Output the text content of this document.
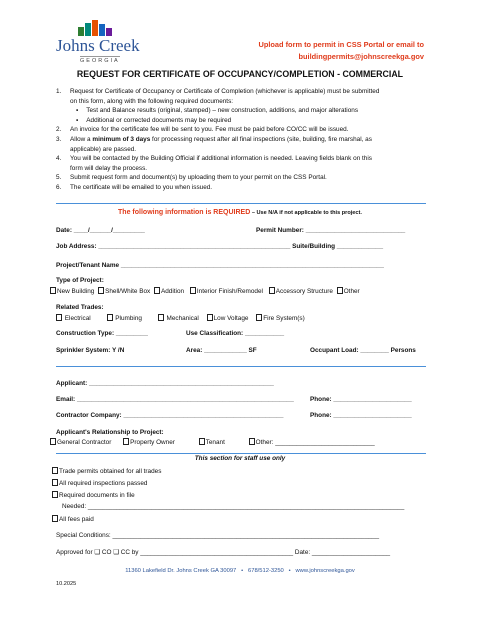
Johns Creek
GEORGIA
Upload form to permit in CSS Portal or email to
buildingpermits@johnscreekga.gov
REQUEST FOR CERTIFICATE OF OCCUPANCY/COMPLETION - COMMERCIAL
1. Request for Certificate of Occupancy or Certificate of Completion (whichever is applicable) must be submitted
on this form, along with the following required documents:
▪ Test and Balance results (original, stamped) – new construction, additions, and major alterations
▪ Additional or corrected documents may be required
2. An invoice for the certificate fee will be sent to you. Fee must be paid before CO/CC will be issued.
3. Allow a minimum of 3 days for processing request after all final inspections (site, building, fire marshal, as
applicable) are passed.
4. You will be contacted by the Building Official if additional information is needed. Leaving fields blank on this
form will delay the process.
5. Submit request form and document(s) by uploading them to your permit on the CSS Portal.
6. The certificate will be emailed to you when issued.
The following information is REQUIRED – Use N/A if not applicable to this project.
Date: ____/______/_________	Permit Number: ____________________________
Job Address: ______________________________________________________ Suite/Building _____________
Project/Tenant Name __________________________________________________________________________
Type of Project:
New Building Shell/White Box Addition Interior Finish/Remodel Accessory Structure Other
Related Trades:
Electrical	Plumbing	Mechanical Low Voltage Fire System(s)
Construction Type: _________	Use Classification: ___________
Sprinkler System: Y /N	Area: ____________ SF	Occupant Load: ________ Persons
Applicant: ____________________________________________________
Email: _____________________________________________________________	Phone: ______________________
Contractor Company: _____________________________________________	Phone: ______________________
Applicant's Relationship to Project:
General Contractor	Property Owner	Tenant	Other: ____________________________
This section for staff use only
Trade permits obtained for all trades
All required inspections passed
Required documents in file
Needed: _________________________________________________________________________________________
All fees paid
Special Conditions: ___________________________________________________________________________
Approved for ❑ CO ❑ CC by ___________________________________________ Date: ______________________
11360 Lakefield Dr. Johns Creek GA 30097 • 678/512-3250 • www.johnscreekga.gov
10.2025
